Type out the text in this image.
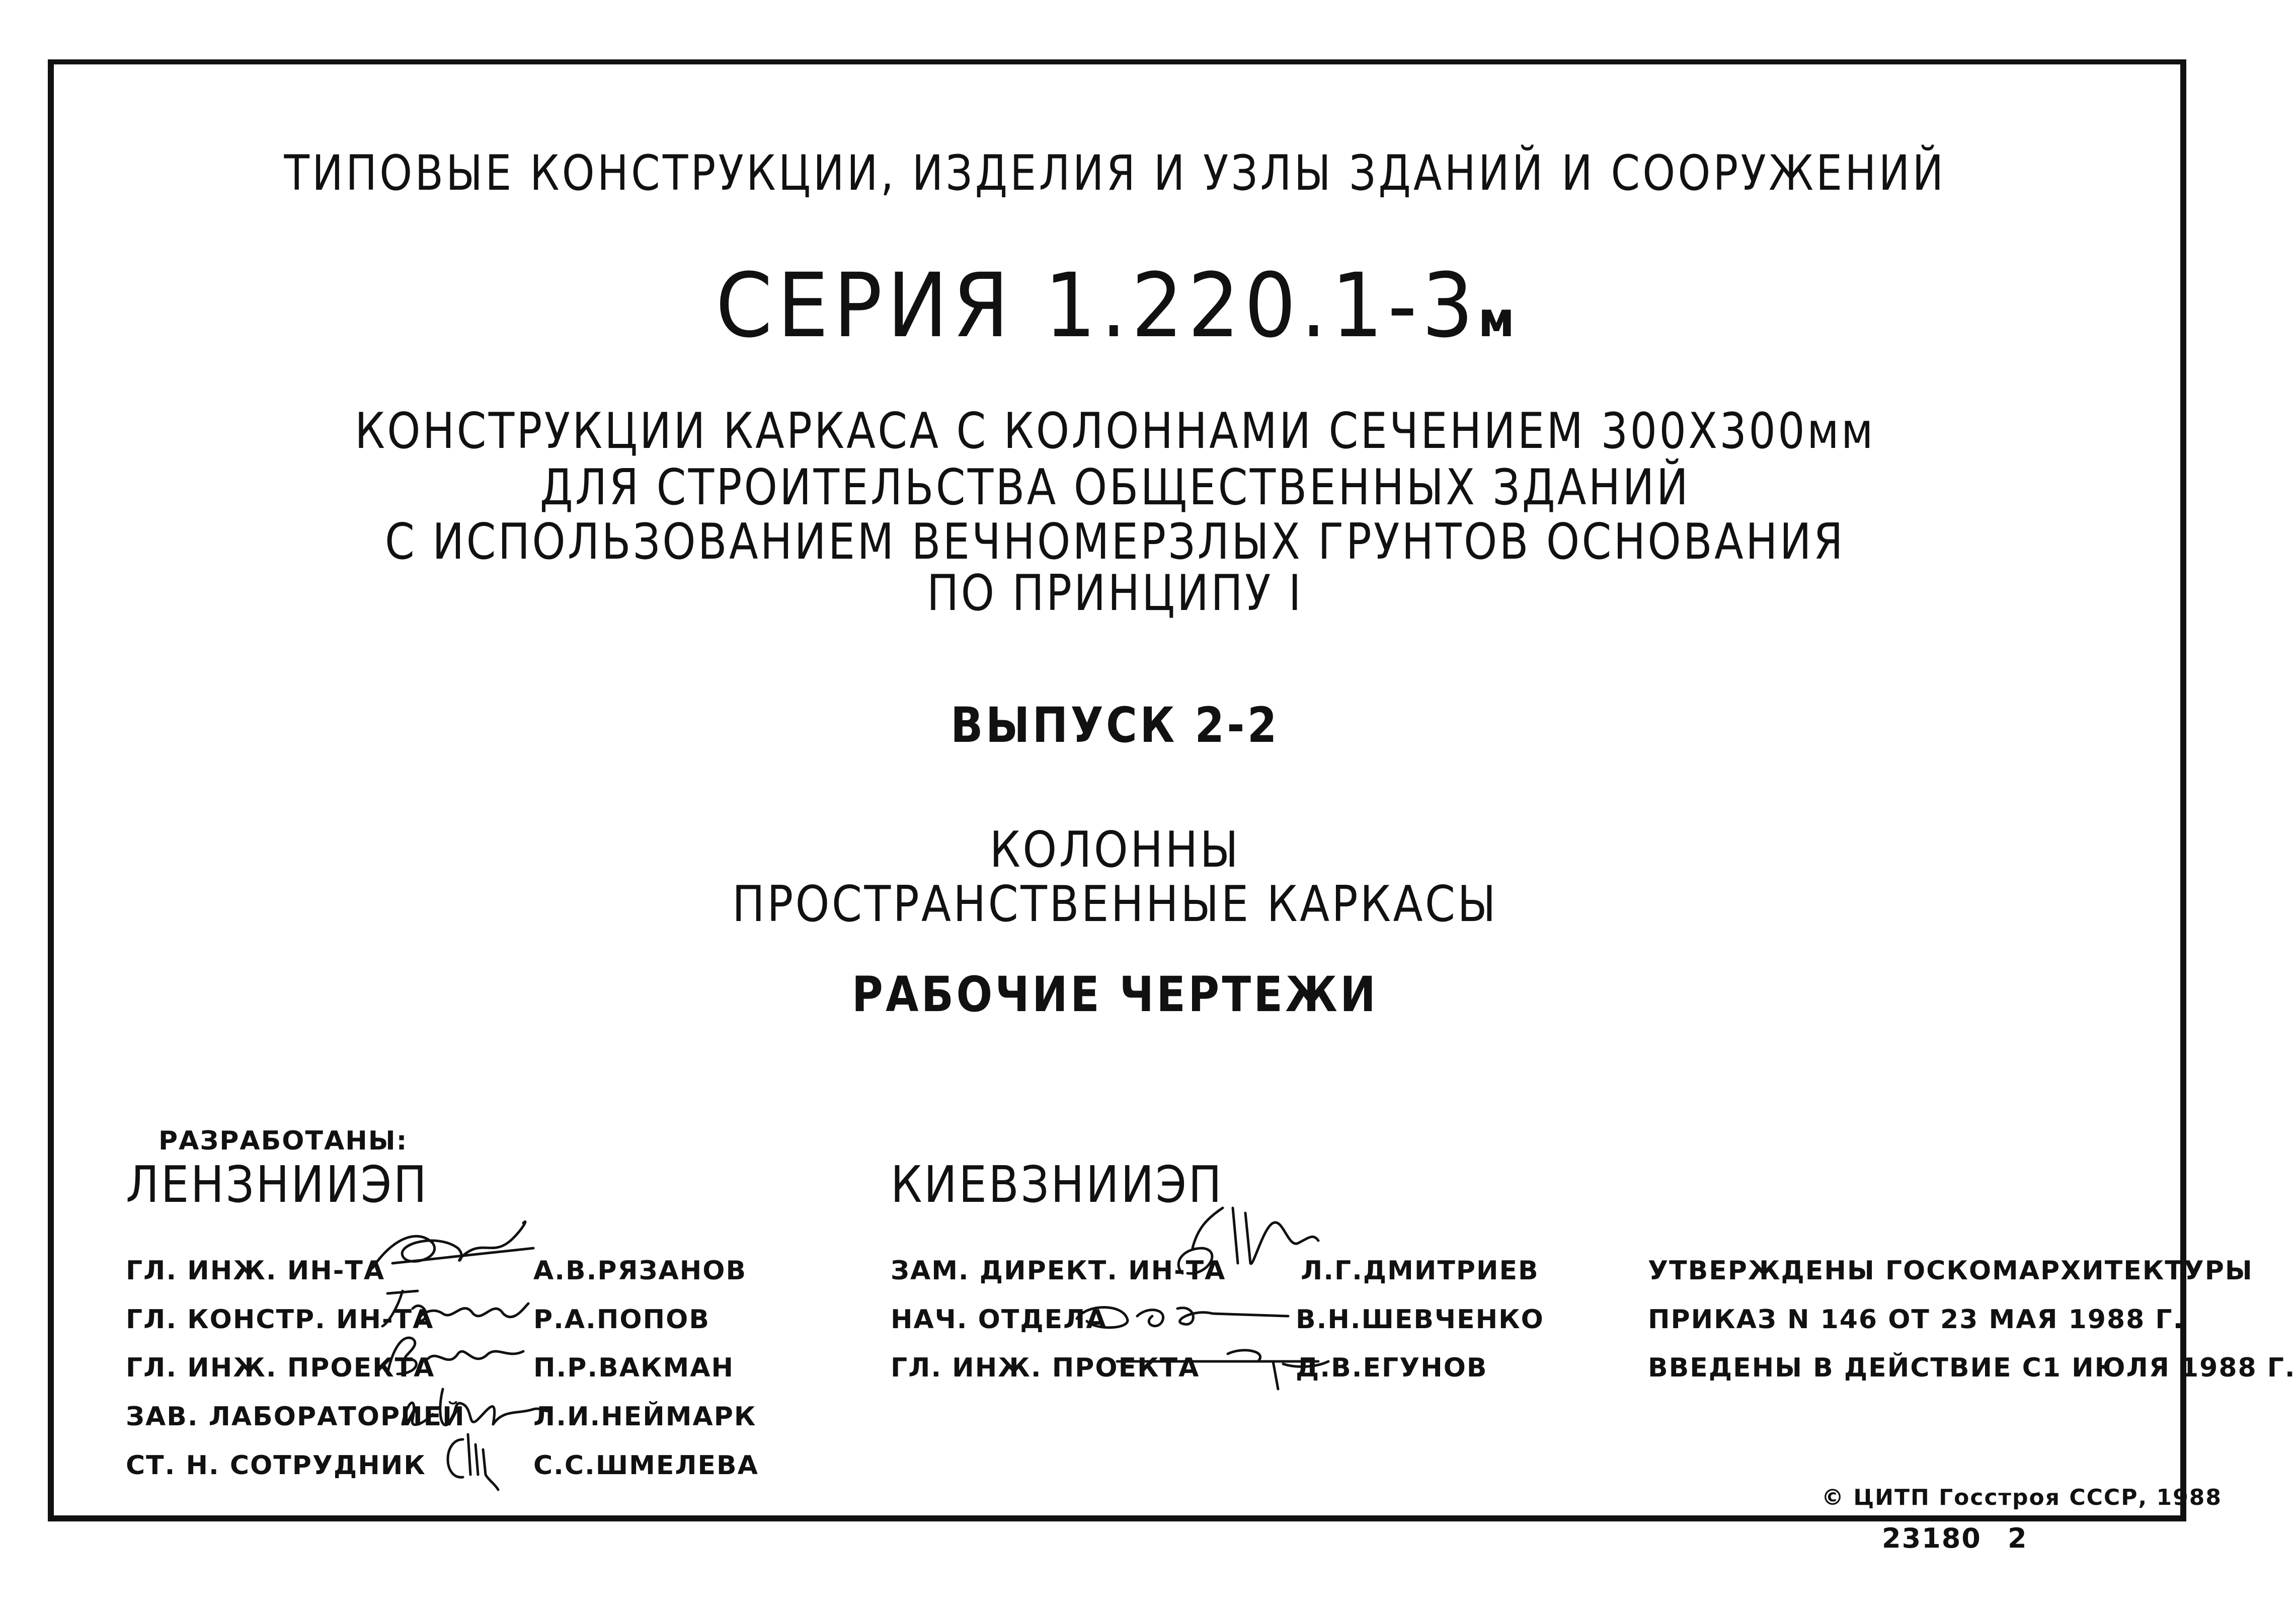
ТИПОВЫЕ КОНСТРУКЦИИ, ИЗДЕЛИЯ И УЗЛЫ ЗДАНИЙ И СООРУЖЕНИЙ
СЕРИЯ 1.220.1-3м
КОНСТРУКЦИИ КАРКАСА С КОЛОННАМИ СЕЧЕНИЕМ 300Х300мм
ДЛЯ СТРОИТЕЛЬСТВА ОБЩЕСТВЕННЫХ ЗДАНИЙ
С ИСПОЛЬЗОВАНИЕМ ВЕЧНОМЕРЗЛЫХ ГРУНТОВ ОСНОВАНИЯ
ПО ПРИНЦИПУ I
ВЫПУСК 2-2
КОЛОННЫ
ПРОСТРАНСТВЕННЫЕ КАРКАСЫ
РАБОЧИЕ ЧЕРТЕЖИ
РАЗРАБОТАНЫ:
ЛЕНЗНИИЭП
ГЛ. ИНЖ. ИН-ТА	А.В.РЯЗАНОВ
ГЛ. КОНСТР. ИН-ТА	Р.А.ПОПОВ
ГЛ. ИНЖ. ПРОЕКТА	П.Р.ВАКМАН
ЗАВ. ЛАБОРАТОРИЕЙ	Л.И.НЕЙМАРК
СТ. Н. СОТРУДНИК	С.С.ШМЕЛЕВА
КИЕВЗНИИЭП
ЗАМ. ДИРЕКТ. ИН-ТА	Л.Г.ДМИТРИЕВ
НАЧ. ОТДЕЛА	В.Н.ШЕВЧЕНКО
ГЛ. ИНЖ. ПРОЕКТА	Д.В.ЕГУНОВ
УТВЕРЖДЕНЫ ГОСКОМАРХИТЕКТУРЫ
ПРИКАЗ N 146 ОТ 23 МАЯ 1988 Г.
ВВЕДЕНЫ В ДЕЙСТВИЕ С1 ИЮЛЯ 1988 Г.
© ЦИТП Госстроя СССР, 1988
23180 2
